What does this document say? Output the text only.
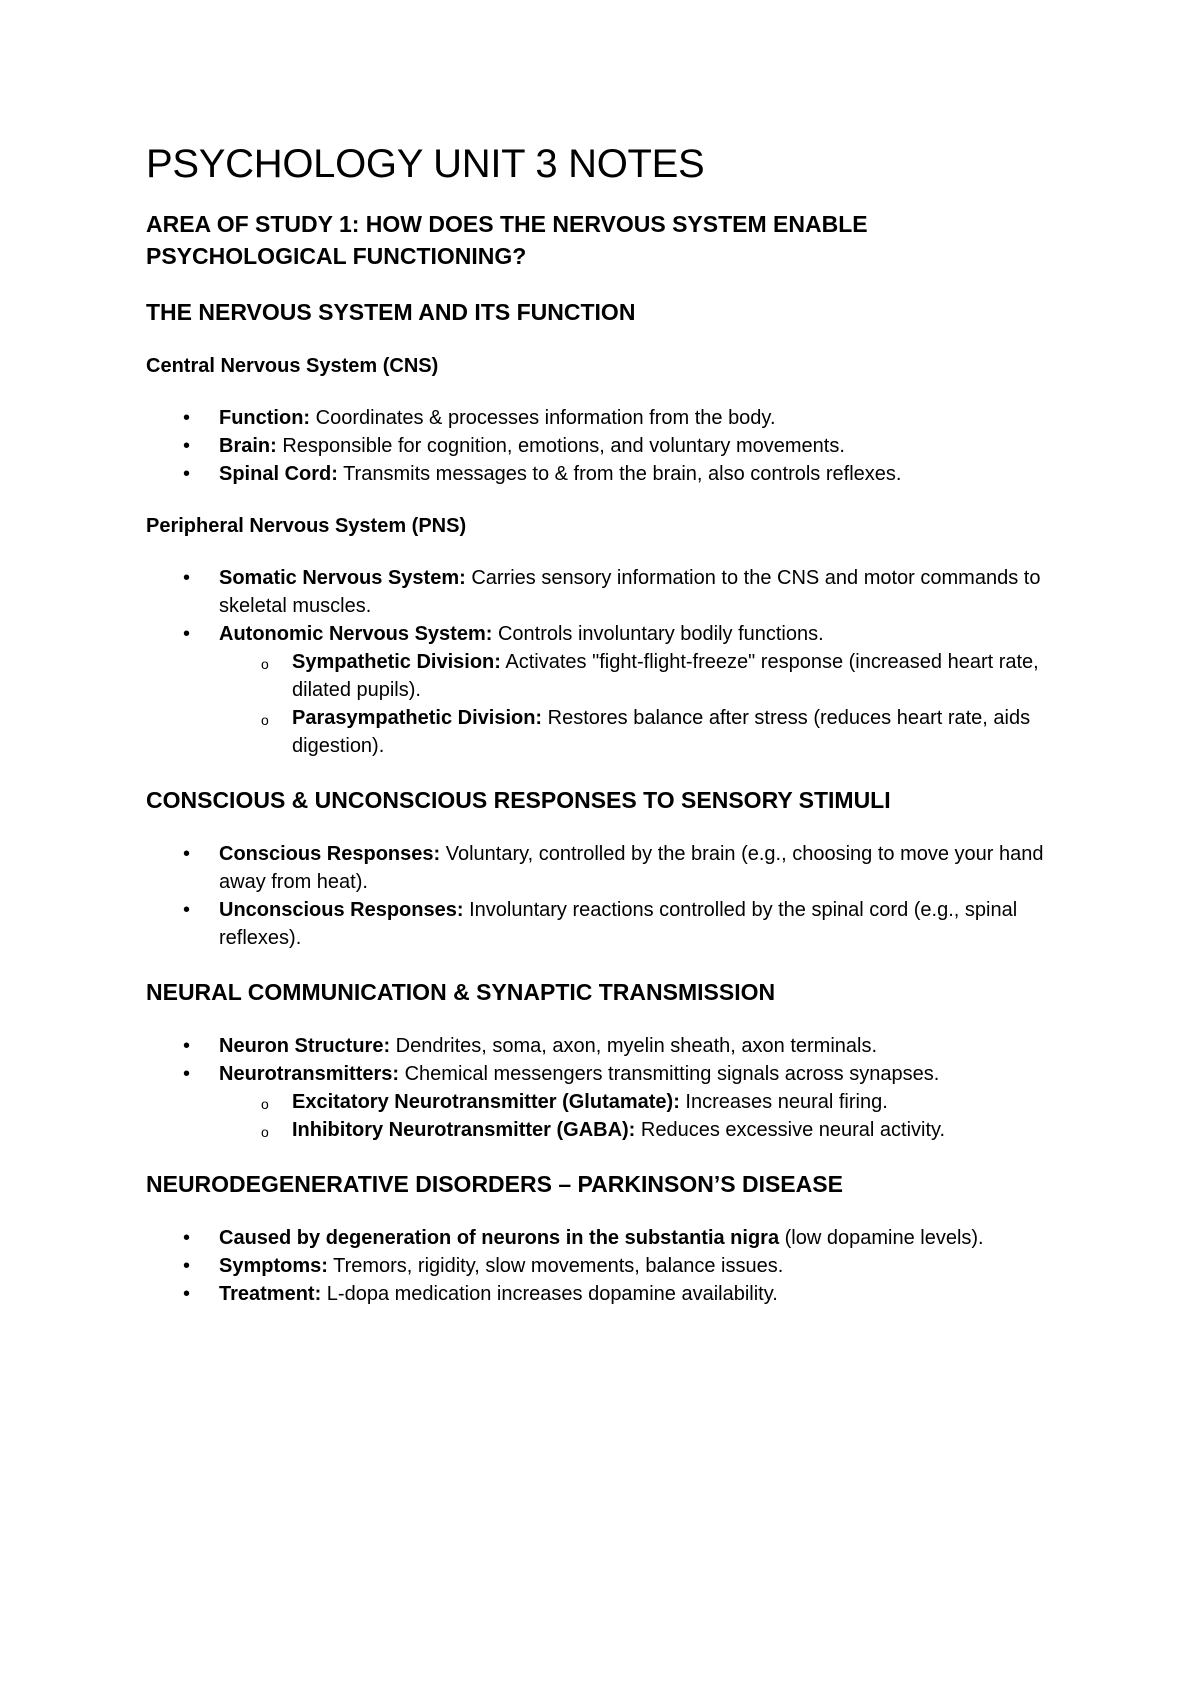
PSYCHOLOGY UNIT 3 NOTES
AREA OF STUDY 1: HOW DOES THE NERVOUS SYSTEM ENABLE PSYCHOLOGICAL FUNCTIONING?
THE NERVOUS SYSTEM AND ITS FUNCTION
Central Nervous System (CNS)
• Function: Coordinates & processes information from the body.
• Brain: Responsible for cognition, emotions, and voluntary movements.
• Spinal Cord: Transmits messages to & from the brain, also controls reflexes.
Peripheral Nervous System (PNS)
• Somatic Nervous System: Carries sensory information to the CNS and motor commands to skeletal muscles.
• Autonomic Nervous System: Controls involuntary bodily functions.
o Sympathetic Division: Activates "fight-flight-freeze" response (increased heart rate, dilated pupils).
o Parasympathetic Division: Restores balance after stress (reduces heart rate, aids digestion).
CONSCIOUS & UNCONSCIOUS RESPONSES TO SENSORY STIMULI
• Conscious Responses: Voluntary, controlled by the brain (e.g., choosing to move your hand away from heat).
• Unconscious Responses: Involuntary reactions controlled by the spinal cord (e.g., spinal reflexes).
NEURAL COMMUNICATION & SYNAPTIC TRANSMISSION
• Neuron Structure: Dendrites, soma, axon, myelin sheath, axon terminals.
• Neurotransmitters: Chemical messengers transmitting signals across synapses.
o Excitatory Neurotransmitter (Glutamate): Increases neural firing.
o Inhibitory Neurotransmitter (GABA): Reduces excessive neural activity.
NEURODEGENERATIVE DISORDERS – PARKINSON’S DISEASE
• Caused by degeneration of neurons in the substantia nigra (low dopamine levels).
• Symptoms: Tremors, rigidity, slow movements, balance issues.
• Treatment: L-dopa medication increases dopamine availability.
